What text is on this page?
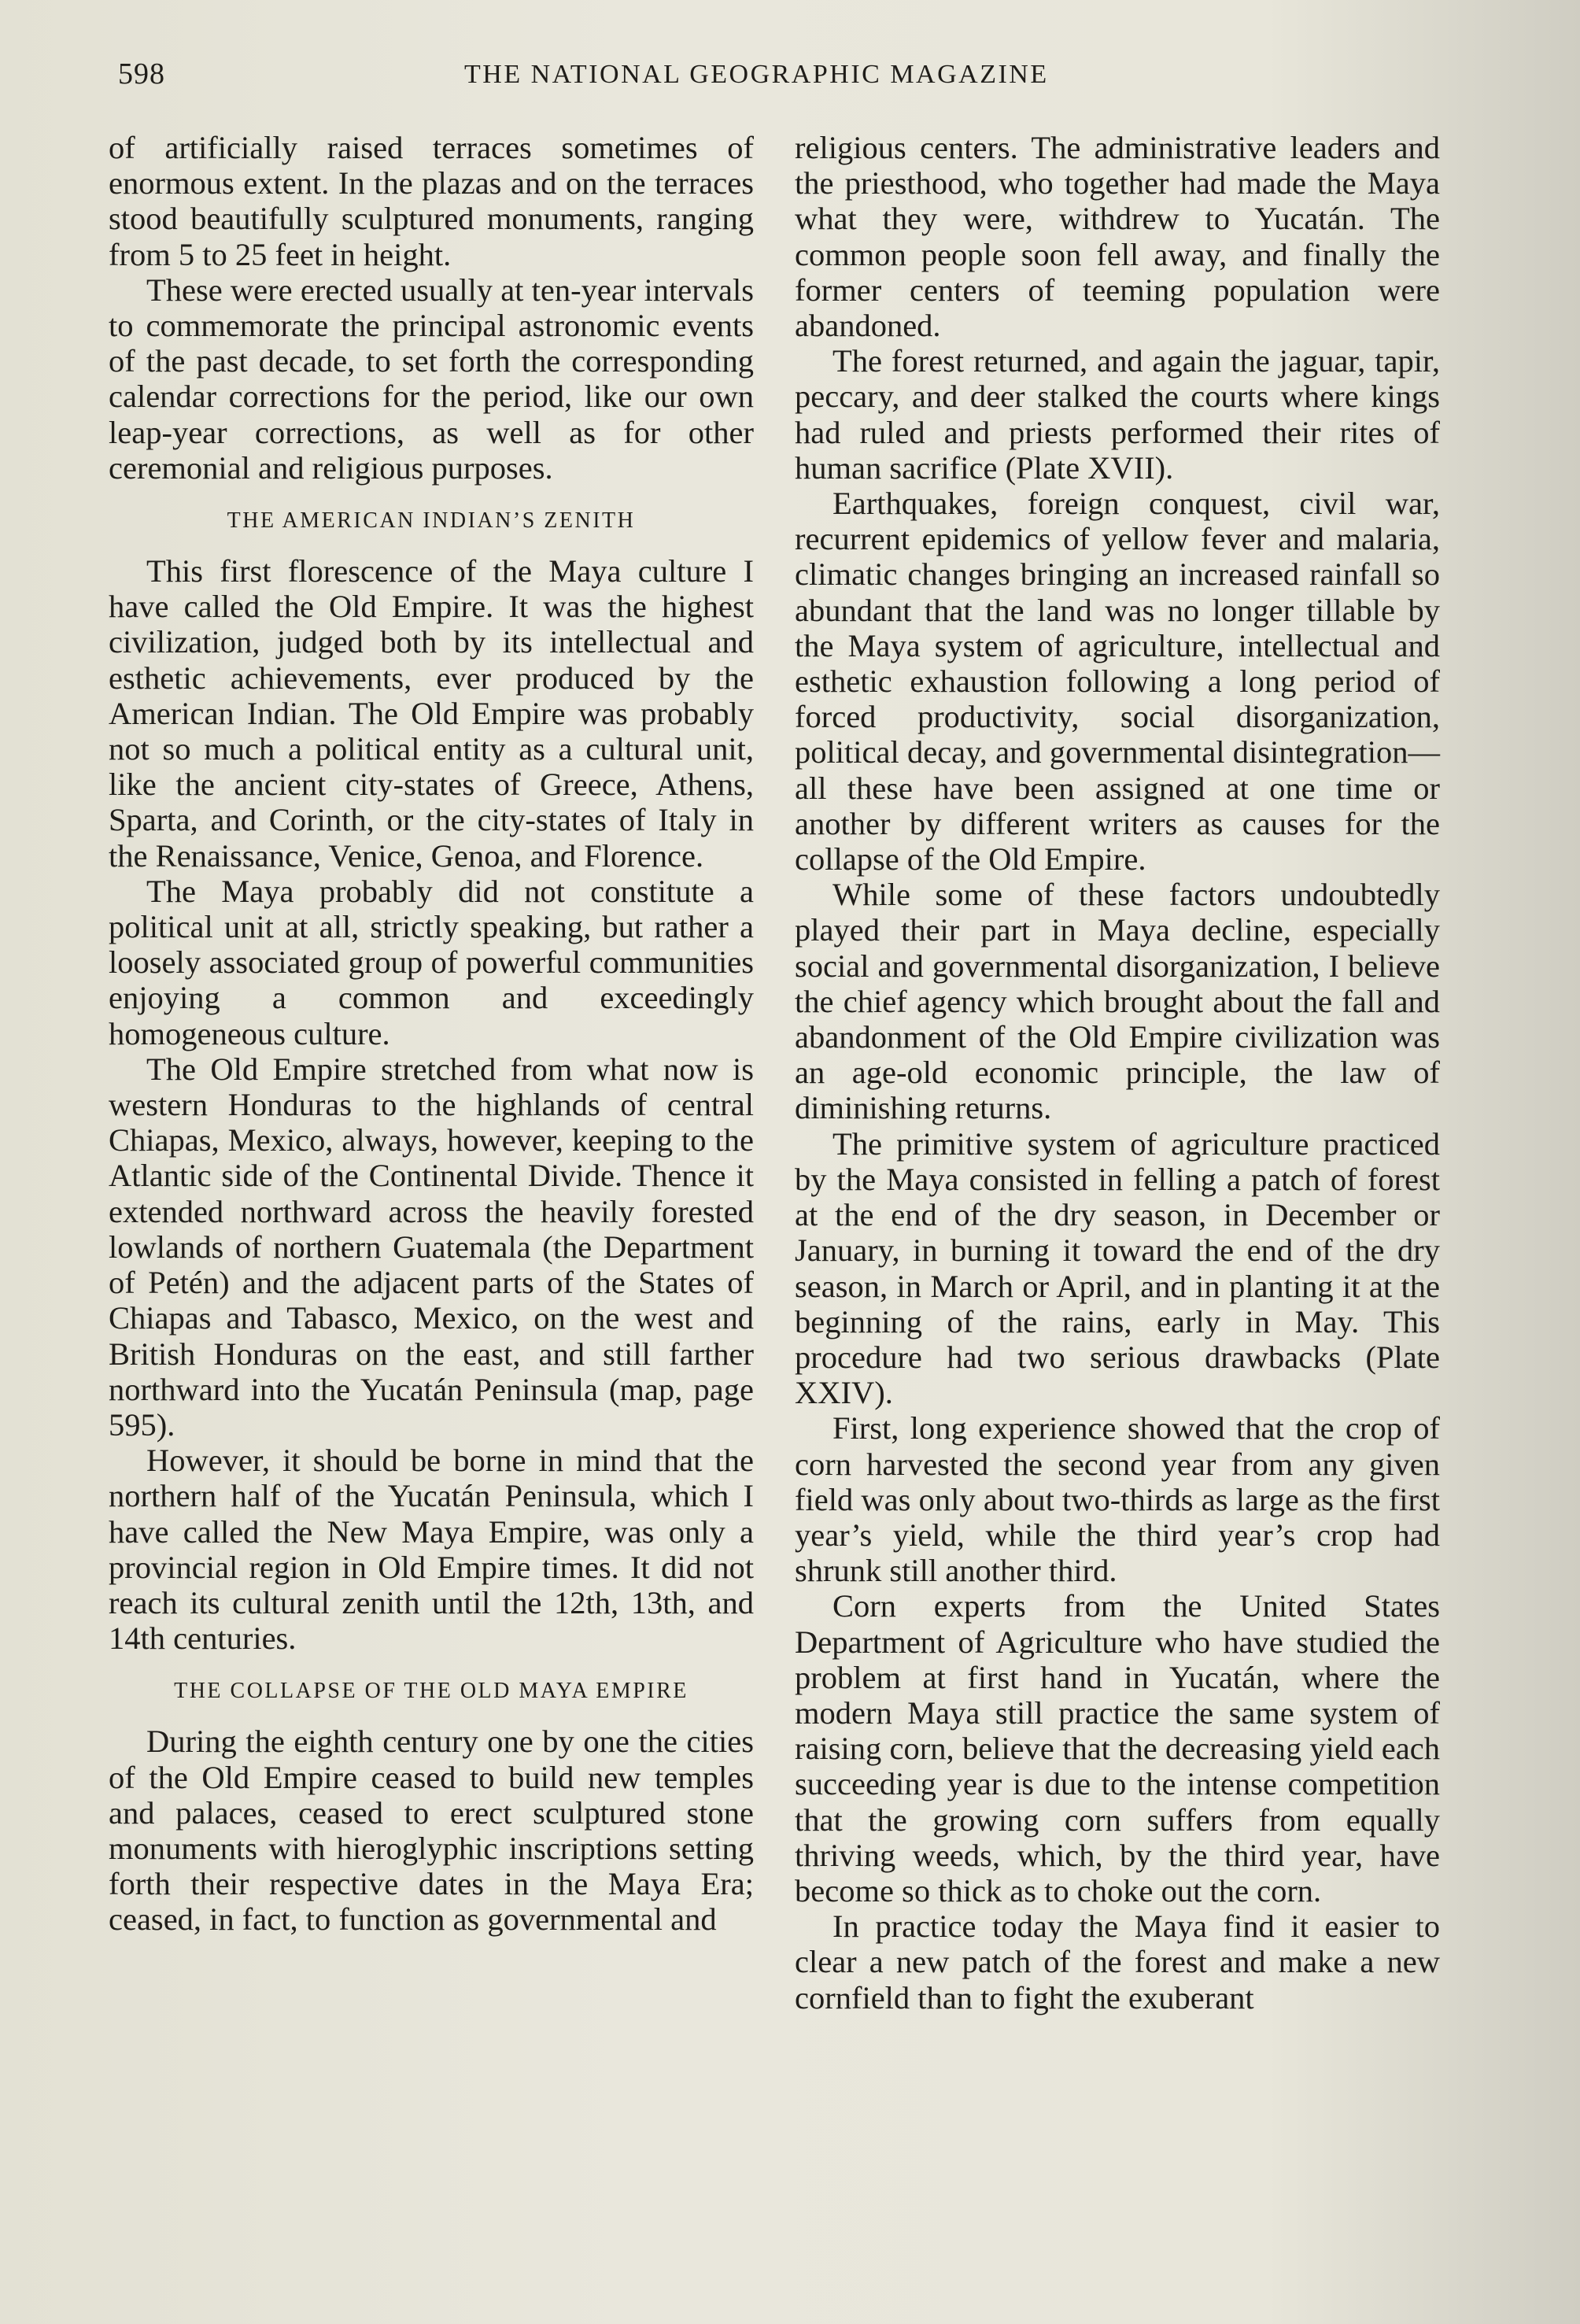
598	THE NATIONAL GEOGRAPHIC MAGAZINE

of artificially raised terraces sometimes of enormous extent. In the plazas and on the terraces stood beautifully sculptured monuments, ranging from 5 to 25 feet in height.

These were erected usually at ten-year intervals to commemorate the principal astronomic events of the past decade, to set forth the corresponding calendar corrections for the period, like our own leap-year corrections, as well as for other ceremonial and religious purposes.

THE AMERICAN INDIAN’S ZENITH

This first florescence of the Maya culture I have called the Old Empire. It was the highest civilization, judged both by its intellectual and esthetic achievements, ever produced by the American Indian. The Old Empire was probably not so much a political entity as a cultural unit, like the ancient city-states of Greece, Athens, Sparta, and Corinth, or the city-states of Italy in the Renaissance, Venice, Genoa, and Florence.

The Maya probably did not constitute a political unit at all, strictly speaking, but rather a loosely associated group of powerful communities enjoying a common and exceedingly homogeneous culture.

The Old Empire stretched from what now is western Honduras to the highlands of central Chiapas, Mexico, always, however, keeping to the Atlantic side of the Continental Divide. Thence it extended northward across the heavily forested lowlands of northern Guatemala (the Department of Petén) and the adjacent parts of the States of Chiapas and Tabasco, Mexico, on the west and British Honduras on the east, and still farther northward into the Yucatán Peninsula (map, page 595).

However, it should be borne in mind that the northern half of the Yucatán Peninsula, which I have called the New Maya Empire, was only a provincial region in Old Empire times. It did not reach its cultural zenith until the 12th, 13th, and 14th centuries.

THE COLLAPSE OF THE OLD MAYA EMPIRE

During the eighth century one by one the cities of the Old Empire ceased to build new temples and palaces, ceased to erect sculptured stone monuments with hieroglyphic inscriptions setting forth their respective dates in the Maya Era; ceased, in fact, to function as governmental and

religious centers. The administrative leaders and the priesthood, who together had made the Maya what they were, withdrew to Yucatán. The common people soon fell away, and finally the former centers of teeming population were abandoned.

The forest returned, and again the jaguar, tapir, peccary, and deer stalked the courts where kings had ruled and priests performed their rites of human sacrifice (Plate XVII).

Earthquakes, foreign conquest, civil war, recurrent epidemics of yellow fever and malaria, climatic changes bringing an increased rainfall so abundant that the land was no longer tillable by the Maya system of agriculture, intellectual and esthetic exhaustion following a long period of forced productivity, social disorganization, political decay, and governmental disintegration—all these have been assigned at one time or another by different writers as causes for the collapse of the Old Empire.

While some of these factors undoubtedly played their part in Maya decline, especially social and governmental disorganization, I believe the chief agency which brought about the fall and abandonment of the Old Empire civilization was an age-old economic principle, the law of diminishing returns.

The primitive system of agriculture practiced by the Maya consisted in felling a patch of forest at the end of the dry season, in December or January, in burning it toward the end of the dry season, in March or April, and in planting it at the beginning of the rains, early in May. This procedure had two serious drawbacks (Plate XXIV).

First, long experience showed that the crop of corn harvested the second year from any given field was only about two-thirds as large as the first year’s yield, while the third year’s crop had shrunk still another third.

Corn experts from the United States Department of Agriculture who have studied the problem at first hand in Yucatán, where the modern Maya still practice the same system of raising corn, believe that the decreasing yield each succeeding year is due to the intense competition that the growing corn suffers from equally thriving weeds, which, by the third year, have become so thick as to choke out the corn.

In practice today the Maya find it easier to clear a new patch of the forest and make a new cornfield than to fight the exuberant
